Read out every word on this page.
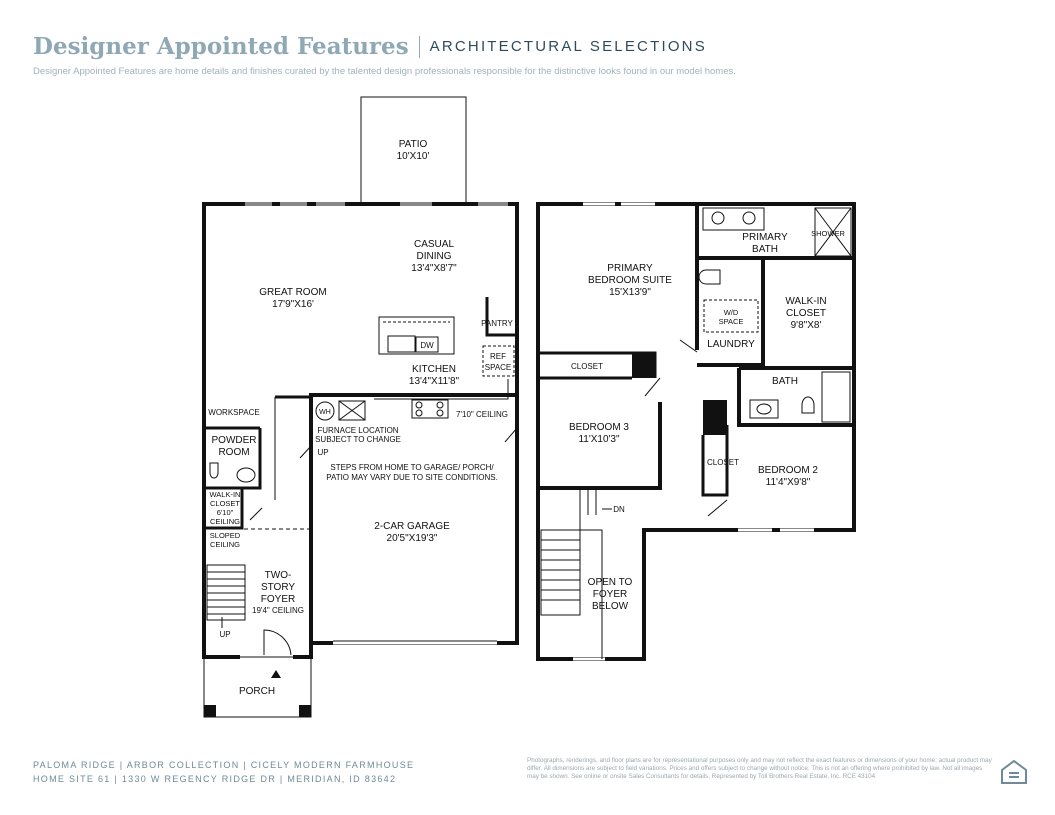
Designer Appointed Features ARCHITECTURAL SELECTIONS
Designer Appointed Features are home details and finishes curated by the talented design professionals responsible for the distinctive looks found in our model homes.
PATIO
10'X10'
CASUAL
DINING
13'4"X8'7"
GREAT ROOM
17'9"X16'
PANTRY
DW
REF
SPACE
KITCHEN
13'4"X11'8"
WORKSPACE	WH	7'10" CEILING
FURNACE LOCATION
SUBJECT TO CHANGE
UP
POWDER
ROOM
STEPS FROM HOME TO GARAGE/ PORCH/
PATIO MAY VARY DUE TO SITE CONDITIONS.
WALK-IN
CLOSET
6'10"
CEILING
SLOPED
CEILING
2-CAR GARAGE
20'5"X19'3"
TWO-
STORY
FOYER
19'4" CEILING
UP
PORCH
PRIMARY
BATH
SHOWER
PRIMARY
BEDROOM SUITE
15'X13'9"
W/D
SPACE
WALK-IN
CLOSET
9'8"X8'
LAUNDRY
CLOSET
BATH
BEDROOM 3
11'X10'3"
CLOSET
BEDROOM 2
11'4"X9'8"
DN
OPEN TO
FOYER
BELOW
PALOMA RIDGE | ARBOR COLLECTION | CICELY MODERN FARMHOUSE
HOME SITE 61 | 1330 W REGENCY RIDGE DR | MERIDIAN, ID 83642
Photographs, renderings, and floor plans are for representational purposes only and may not reflect the exact features or dimensions of your home; actual product may differ. All dimensions are subject to field variations. Prices and offers subject to change without notice. This is not an offering where prohibited by law. Not all images may be shown. See online or onsite Sales Consultants for details. Represented by Toll Brothers Real Estate, Inc. RCE 43104
